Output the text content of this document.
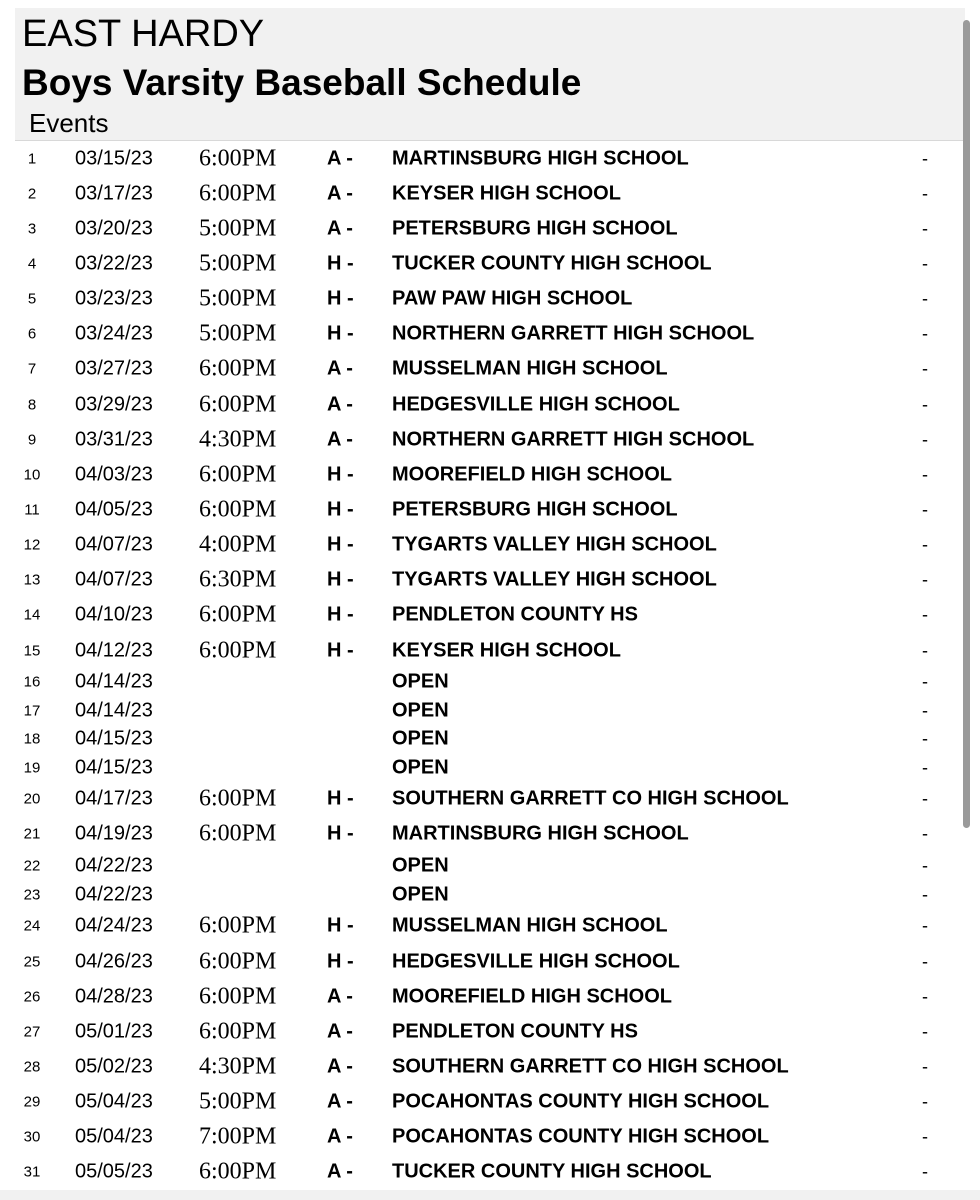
EAST HARDY
Boys Varsity Baseball Schedule
Events
1	03/15/23 6:00PM	A - MARTINSBURG HIGH SCHOOL	-
2	03/17/23 6:00PM	A - KEYSER HIGH SCHOOL	-
3	03/20/23 5:00PM	A - PETERSBURG HIGH SCHOOL	-
4	03/22/23 5:00PM	H - TUCKER COUNTY HIGH SCHOOL	-
5	03/23/23 5:00PM	H - PAW PAW HIGH SCHOOL	-
6	03/24/23 5:00PM	H - NORTHERN GARRETT HIGH SCHOOL	-
7	03/27/23 6:00PM	A - MUSSELMAN HIGH SCHOOL	-
8	03/29/23 6:00PM	A - HEDGESVILLE HIGH SCHOOL	-
9	03/31/23 4:30PM	A - NORTHERN GARRETT HIGH SCHOOL	-
10 04/03/23 6:00PM	H - MOOREFIELD HIGH SCHOOL	-
11 04/05/23 6:00PM	H - PETERSBURG HIGH SCHOOL	-
12 04/07/23 4:00PM	H - TYGARTS VALLEY HIGH SCHOOL	-
13 04/07/23 6:30PM	H - TYGARTS VALLEY HIGH SCHOOL	-
14 04/10/23 6:00PM	H - PENDLETON COUNTY HS	-
15 04/12/23 6:00PM	H - KEYSER HIGH SCHOOL	-
16 04/14/23	OPEN	-
17 04/14/23	OPEN	-
18 04/15/23	OPEN	-
19 04/15/23	OPEN	-
20 04/17/23 6:00PM	H - SOUTHERN GARRETT CO HIGH SCHOOL	-
21 04/19/23 6:00PM	H - MARTINSBURG HIGH SCHOOL	-
22 04/22/23	OPEN	-
23 04/22/23	OPEN	-
24 04/24/23 6:00PM	H - MUSSELMAN HIGH SCHOOL	-
25 04/26/23 6:00PM	H - HEDGESVILLE HIGH SCHOOL	-
26 04/28/23 6:00PM	A - MOOREFIELD HIGH SCHOOL	-
27 05/01/23 6:00PM	A - PENDLETON COUNTY HS	-
28 05/02/23 4:30PM	A - SOUTHERN GARRETT CO HIGH SCHOOL	-
29 05/04/23 5:00PM	A - POCAHONTAS COUNTY HIGH SCHOOL	-
30 05/04/23 7:00PM	A - POCAHONTAS COUNTY HIGH SCHOOL	-
31 05/05/23 6:00PM	A - TUCKER COUNTY HIGH SCHOOL	-
